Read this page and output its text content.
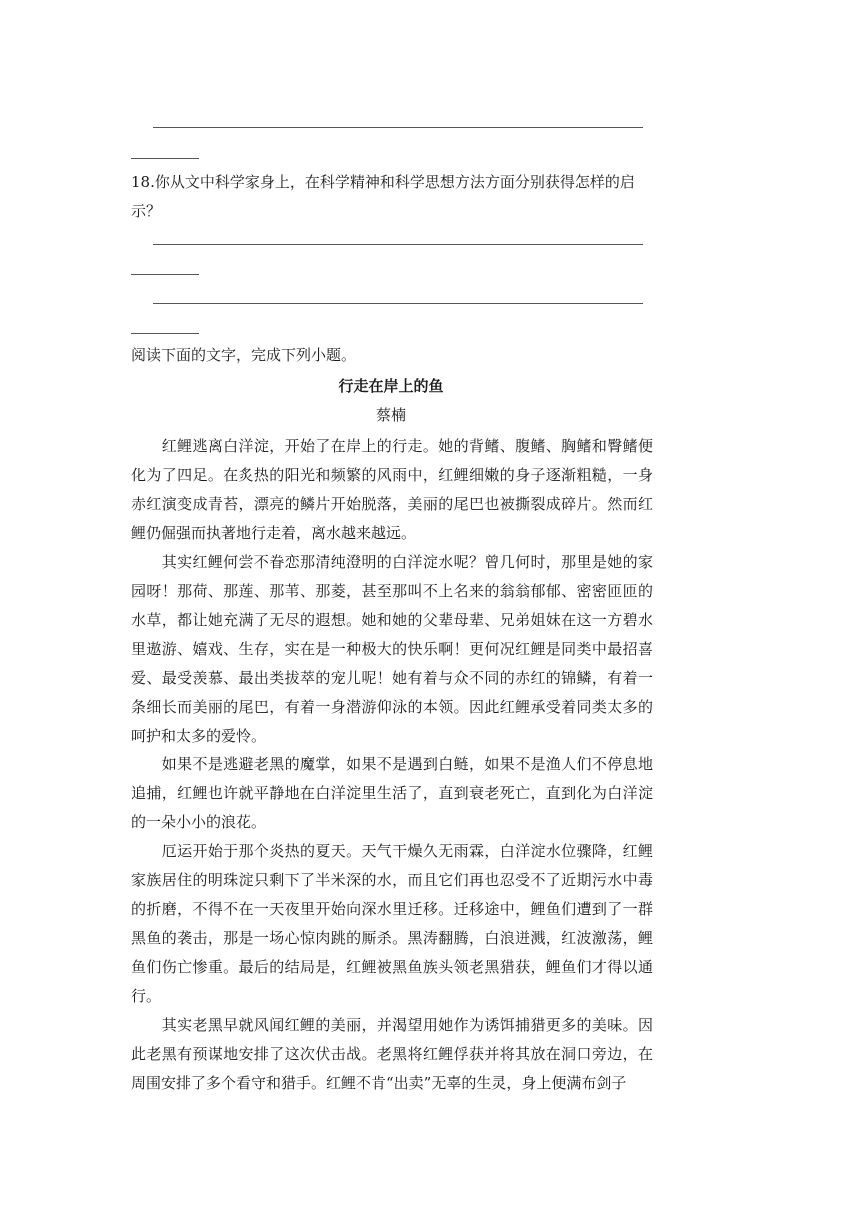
18.你从文中科学家身上，在科学精神和科学思想方法方面分别获得怎样的启
示？
阅读下面的文字，完成下列小题。
行走在岸上的鱼
蔡楠
　　红鲤逃离白洋淀，开始了在岸上的行走。她的背鳍、腹鳍、胸鳍和臀鳍便
化为了四足。在炙热的阳光和频繁的风雨中，红鲤细嫩的身子逐渐粗糙，一身
赤红演变成青苔，漂亮的鳞片开始脱落，美丽的尾巴也被撕裂成碎片。然而红
鲤仍倔强而执著地行走着，离水越来越远。
　　其实红鲤何尝不眷恋那清纯澄明的白洋淀水呢？曾几何时，那里是她的家
园呀！那荷、那莲、那苇、那菱，甚至那叫不上名来的翁翁郁郁、密密匝匝的
水草，都让她充满了无尽的遐想。她和她的父辈母辈、兄弟姐妹在这一方碧水
里遨游、嬉戏、生存，实在是一种极大的快乐啊！更何况红鲤是同类中最招喜
爱、最受羡慕、最出类拔萃的宠儿呢！她有着与众不同的赤红的锦鳞，有着一
条细长而美丽的尾巴，有着一身潜游仰泳的本领。因此红鲤承受着同类太多的
呵护和太多的爱怜。
　　如果不是逃避老黑的魔掌，如果不是遇到白鲢，如果不是渔人们不停息地
追捕，红鲤也许就平静地在白洋淀里生活了，直到衰老死亡，直到化为白洋淀
的一朵小小的浪花。
　　厄运开始于那个炎热的夏天。天气干燥久无雨霖，白洋淀水位骤降，红鲤
家族居住的明珠淀只剩下了半米深的水，而且它们再也忍受不了近期污水中毒
的折磨，不得不在一天夜里开始向深水里迁移。迁移途中，鲤鱼们遭到了一群
黑鱼的袭击，那是一场心惊肉跳的厮杀。黑涛翻腾，白浪迸溅，红波激荡，鲤
鱼们伤亡惨重。最后的结局是，红鲤被黑鱼族头领老黑猎获，鲤鱼们才得以通
行。
　　其实老黑早就风闻红鲤的美丽，并渴望用她作为诱饵捕猎更多的美味。因
此老黑有预谋地安排了这次伏击战。老黑将红鲤俘获并将其放在洞口旁边，在
周围安排了多个看守和猎手。红鲤不肯“出卖”无辜的生灵，身上便满布剑子
